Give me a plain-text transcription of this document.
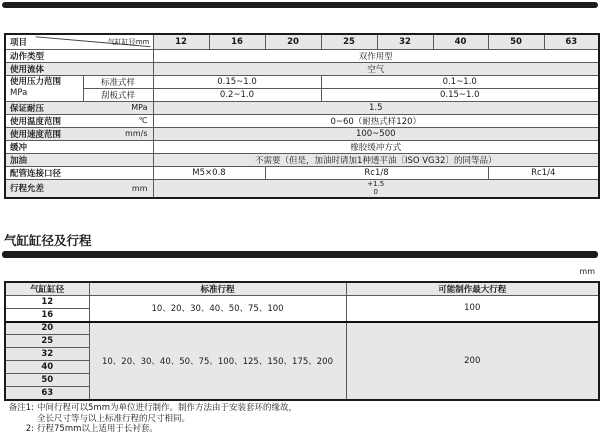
项目 气缸缸径mm		12	16	20	25	32	40	50	63
动作类型		双作用型							
使用流体		空气							
使用压力范围
MPa	标准式样	0.15~1.0			0.1~1.0				
	刮板式样	0.2~1.0			0.15~1.0				

保证耐压 MPa		1.5							

使用温度范围 ℃		0~60（耐热式样120）							

使用速度范围 mm/s		100~500							
缓冲		橡胶缓冲方式							
加油		不需要（但是，加油时请加1种透平油〔ISO VG32〕的同等品）							
配管连接口径		M5×0.8		Rc1/8				Rc1/4	

行程允差	mm	+1.5
0
气缸缸径及行程
mm
气缸缸径	标准行程	可能制作最大行程
12	10、20、30、40、50、75、100	100
16		
20	10、20、30、40、50、75、100、125、150、175、200	200
25		
32		
40		
50		
63		
备注1: 中间行程可以5mm为单位进行制作。制作方法由于安装套环的缘故，
全长尺寸等与以上标准行程的尺寸相同。
2: 行程75mm以上适用于长衬套。
